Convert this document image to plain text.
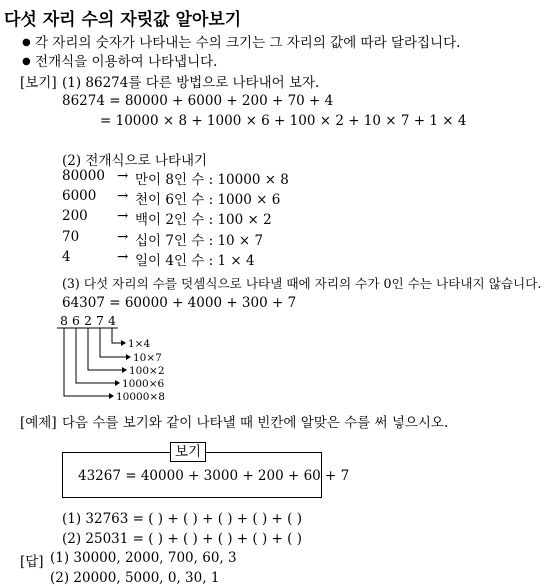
다섯 자리 수의 자릿값 알아보기
● 각 자리의 숫자가 나타내는 수의 크기는 그 자리의 값에 따라 달라집니다.
● 전개식을 이용하여 나타냅니다.
[보기] (1) 86274를 다른 방법으로 나타내어 보자.
86274 = 80000 + 6000 + 200 + 70 + 4
= 10000 × 8 + 1000 × 6 + 100 × 2 + 10 × 7 + 1 × 4
(2) 전개식으로 나타내기
80000 → 만이 8인 수 : 10000 × 8
6000 → 천이 6인 수 : 1000 × 6
200 → 백이 2인 수 : 100 × 2
70	→ 십이 7인 수 : 10 × 7
4	→ 일이 4인 수 : 1 × 4
(3) 다섯 자리의 수를 덧셈식으로 나타낼 때에 자리의 수가 0인 수는 나타내지 않습니다.
64307 = 60000 + 4000 + 300 + 7
8 6 2 7 4
1×4
10×7
100×2
1000×6
10000×8
[예제] 다음 수를 보기와 같이 나타낼 때 빈칸에 알맞은 수를 써 넣으시오.
보기
43267 = 40000 + 3000 + 200 + 60 + 7
(1) 32763 = ( ) + ( ) + ( ) + ( ) + ( )
(2) 25031 = ( ) + ( ) + ( ) + ( ) + ( )
[답] (1) 30000, 2000, 700, 60, 3
(2) 20000, 5000, 0, 30, 1
